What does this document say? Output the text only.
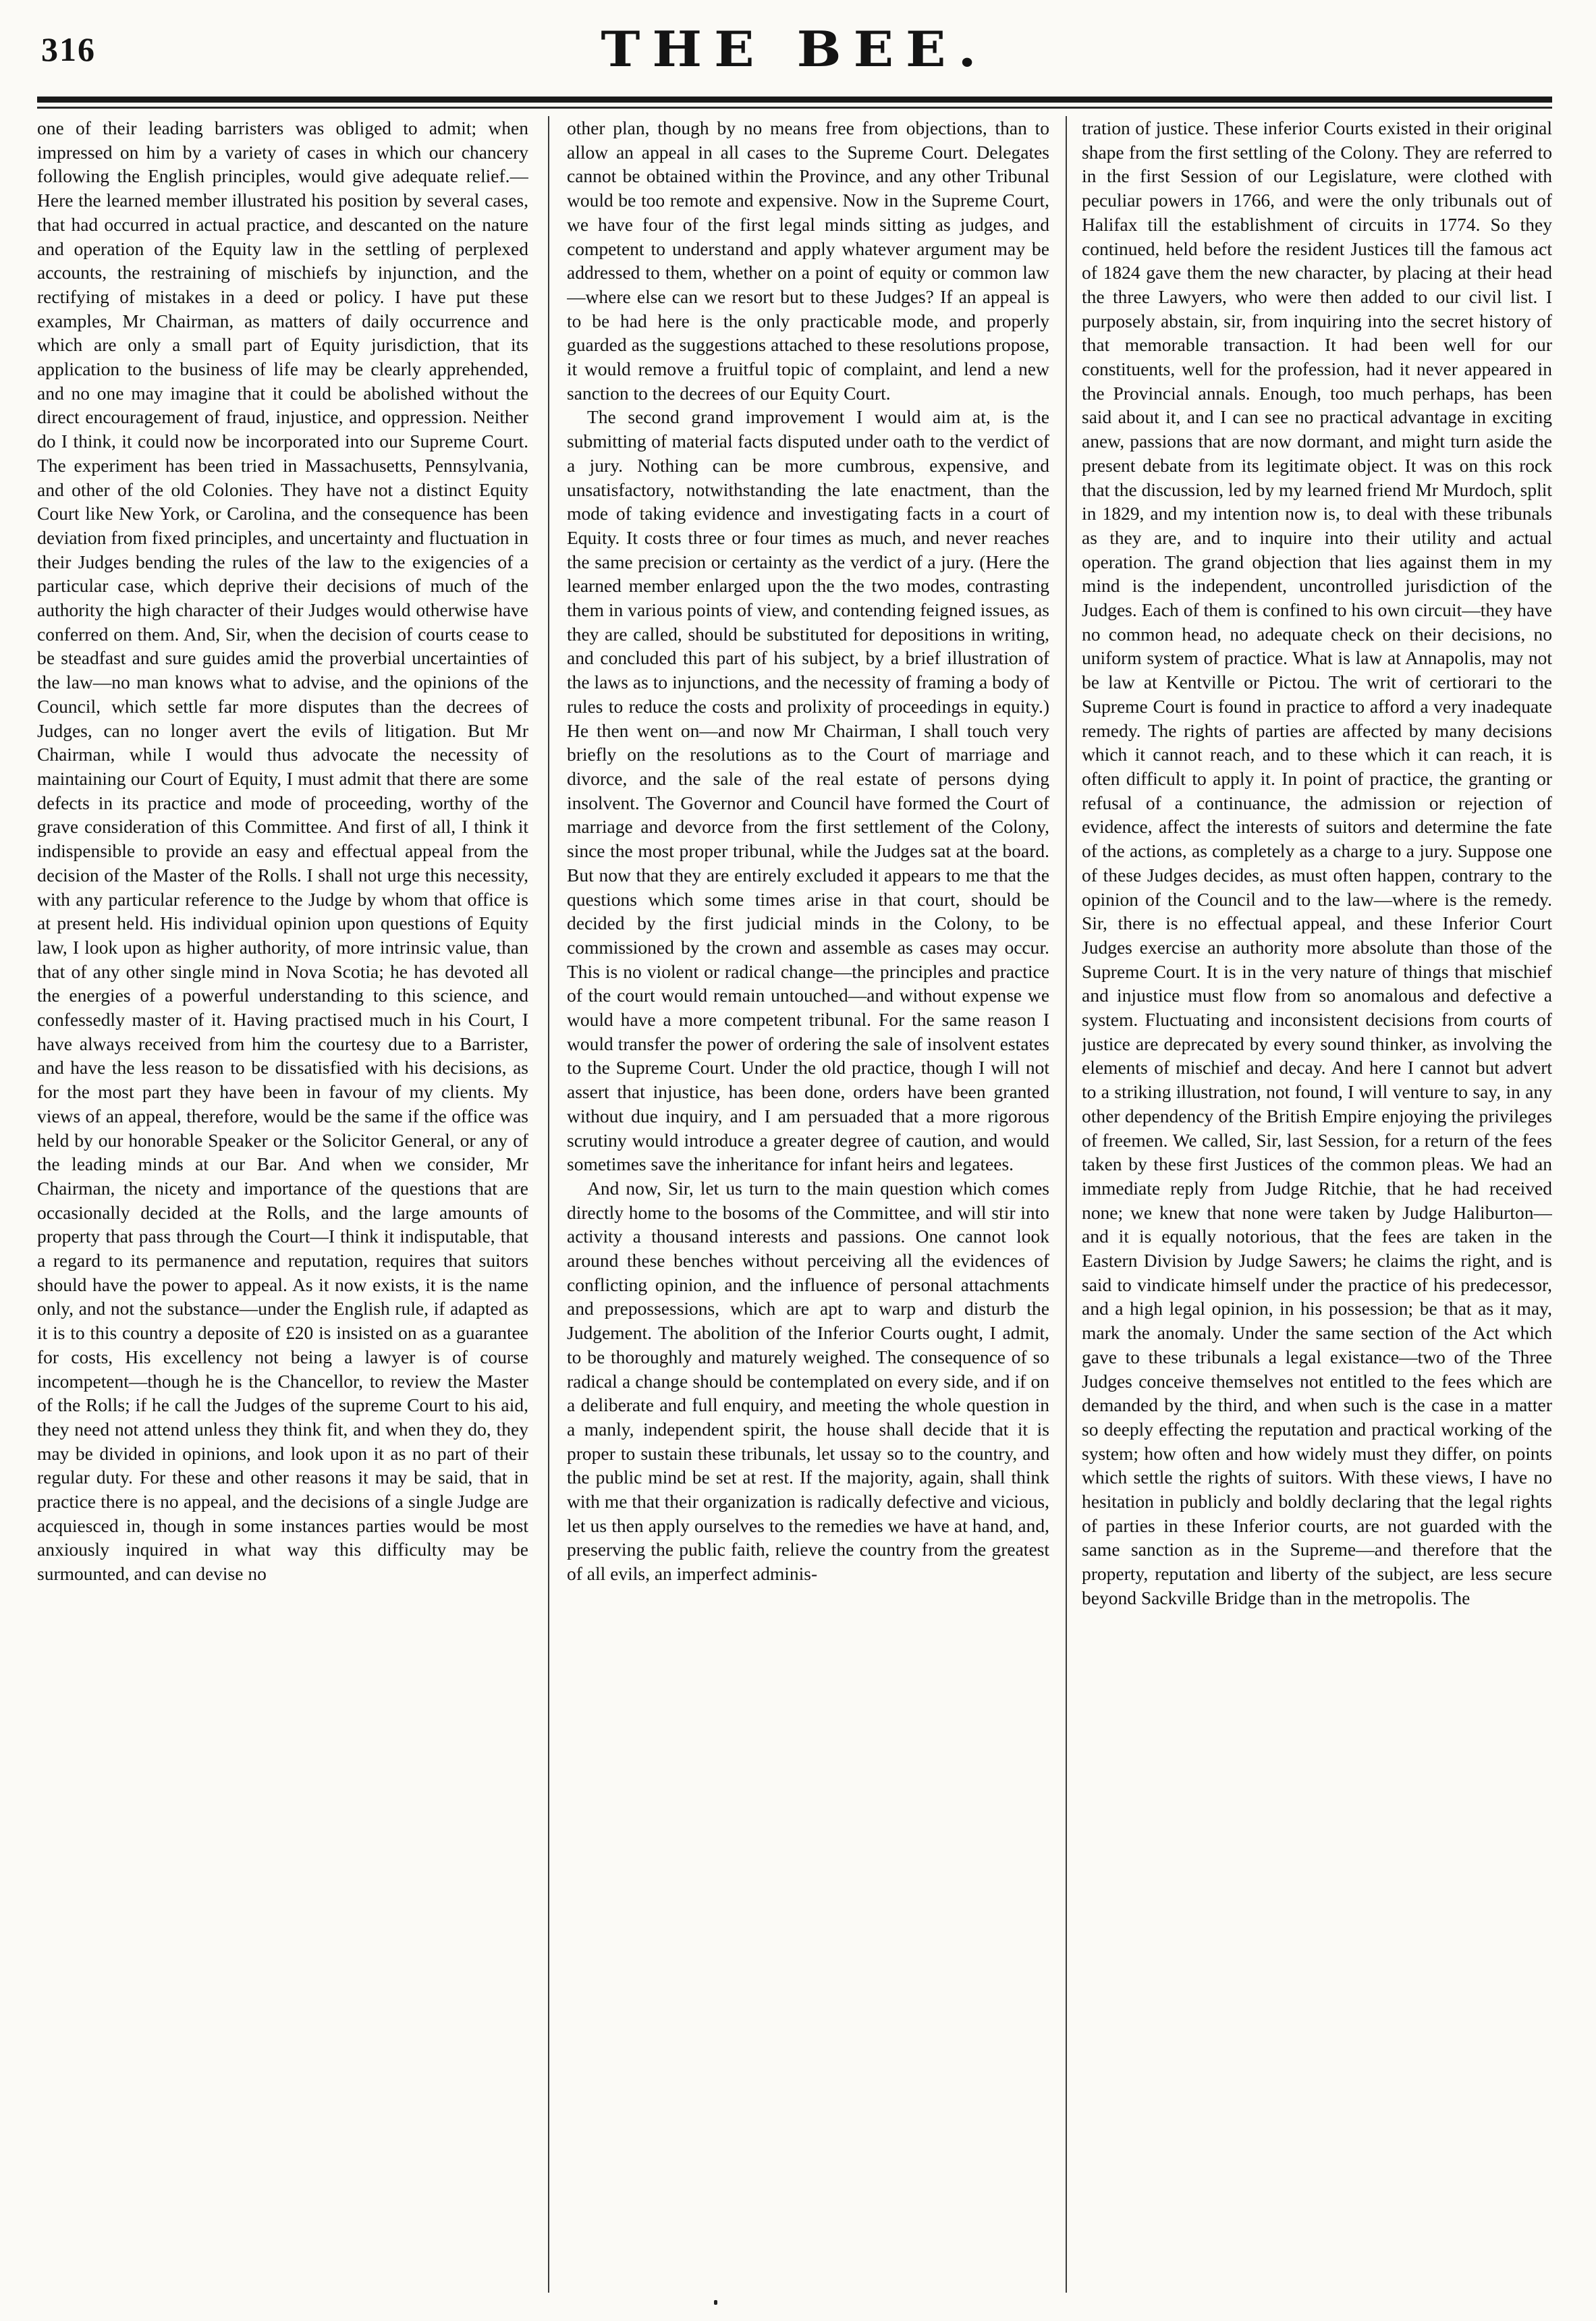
316	THE BEE.

one of their leading barristers was obliged to admit; when impressed on him by a variety of cases in which our chancery following the English principles, would give adequate relief.—Here the learned member illustrated his position by several cases, that had occurred in actual practice, and descanted on the nature and operation of the Equity law in the settling of perplexed accounts, the restraining of mischiefs by injunction, and the rectifying of mistakes in a deed or policy. I have put these examples, Mr Chairman, as matters of daily occurrence and which are only a small part of Equity jurisdiction, that its application to the business of life may be clearly apprehended, and no one may imagine that it could be abolished without the direct encouragement of fraud, injustice, and oppression. Neither do I think, it could now be incorporated into our Supreme Court. The experiment has been tried in Massachusetts, Pennsylvania, and other of the old Colonies. They have not a distinct Equity Court like New York, or Carolina, and the consequence has been deviation from fixed principles, and uncertainty and fluctuation in their Judges bending the rules of the law to the exigencies of a particular case, which deprive their decisions of much of the authority the high character of their Judges would otherwise have conferred on them. And, Sir, when the decision of courts cease to be steadfast and sure guides amid the proverbial uncertainties of the law—no man knows what to advise, and the opinions of the Council, which settle far more disputes than the decrees of Judges, can no longer avert the evils of litigation. But Mr Chairman, while I would thus advocate the necessity of maintaining our Court of Equity, I must admit that there are some defects in its practice and mode of proceeding, worthy of the grave consideration of this Committee. And first of all, I think it indispensible to provide an easy and effectual appeal from the decision of the Master of the Rolls. I shall not urge this necessity, with any particular reference to the Judge by whom that office is at present held. His individual opinion upon questions of Equity law, I look upon as higher authority, of more intrinsic value, than that of any other single mind in Nova Scotia; he has devoted all the energies of a powerful understanding to this science, and confessedly master of it. Having practised much in his Court, I have always received from him the courtesy due to a Barrister, and have the less reason to be dissatisfied with his decisions, as for the most part they have been in favour of my clients. My views of an appeal, therefore, would be the same if the office was held by our honorable Speaker or the Solicitor General, or any of the leading minds at our Bar. And when we consider, Mr Chairman, the nicety and importance of the questions that are occasionally decided at the Rolls, and the large amounts of property that pass through the Court—I think it indisputable, that a regard to its permanence and reputation, requires that suitors should have the power to appeal. As it now exists, it is the name only, and not the substance—under the English rule, if adapted as it is to this country a deposite of £20 is insisted on as a guarantee for costs, His excellency not being a lawyer is of course incompetent—though he is the Chancellor, to review the Master of the Rolls; if he call the Judges of the supreme Court to his aid, they need not attend unless they think fit, and when they do, they may be divided in opinions, and look upon it as no part of their regular duty. For these and other reasons it may be said, that in practice there is no appeal, and the decisions of a single Judge are acquiesced in, though in some instances parties would be most anxiously inquired in what way this difficulty may be surmounted, and can devise no

other plan, though by no means free from objections, than to allow an appeal in all cases to the Supreme Court. Delegates cannot be obtained within the Province, and any other Tribunal would be too remote and expensive. Now in the Supreme Court, we have four of the first legal minds sitting as judges, and competent to understand and apply whatever argument may be addressed to them, whether on a point of equity or common law—where else can we resort but to these Judges? If an appeal is to be had here is the only practicable mode, and properly guarded as the suggestions attached to these resolutions propose, it would remove a fruitful topic of complaint, and lend a new sanction to the decrees of our Equity Court.

The second grand improvement I would aim at, is the submitting of material facts disputed under oath to the verdict of a jury. Nothing can be more cumbrous, expensive, and unsatisfactory, notwithstanding the late enactment, than the mode of taking evidence and investigating facts in a court of Equity. It costs three or four times as much, and never reaches the same precision or certainty as the verdict of a jury. (Here the learned member enlarged upon the the two modes, contrasting them in various points of view, and contending feigned issues, as they are called, should be substituted for depositions in writing, and concluded this part of his subject, by a brief illustration of the laws as to injunctions, and the necessity of framing a body of rules to reduce the costs and prolixity of proceedings in equity.) He then went on—and now Mr Chairman, I shall touch very briefly on the resolutions as to the Court of marriage and divorce, and the sale of the real estate of persons dying insolvent. The Governor and Council have formed the Court of marriage and devorce from the first settlement of the Colony, since the most proper tribunal, while the Judges sat at the board. But now that they are entirely excluded it appears to me that the questions which some times arise in that court, should be decided by the first judicial minds in the Colony, to be commissioned by the crown and assemble as cases may occur. This is no violent or radical change—the principles and practice of the court would remain untouched—and without expense we would have a more competent tribunal. For the same reason I would transfer the power of ordering the sale of insolvent estates to the Supreme Court. Under the old practice, though I will not assert that injustice, has been done, orders have been granted without due inquiry, and I am persuaded that a more rigorous scrutiny would introduce a greater degree of caution, and would sometimes save the inheritance for infant heirs and legatees.

And now, Sir, let us turn to the main question which comes directly home to the bosoms of the Committee, and will stir into activity a thousand interests and passions. One cannot look around these benches without perceiving all the evidences of conflicting opinion, and the influence of personal attachments and prepossessions, which are apt to warp and disturb the Judgement. The abolition of the Inferior Courts ought, I admit, to be thoroughly and maturely weighed. The consequence of so radical a change should be contemplated on every side, and if on a deliberate and full enquiry, and meeting the whole question in a manly, independent spirit, the house shall decide that it is proper to sustain these tribunals, let ussay so to the country, and the public mind be set at rest. If the majority, again, shall think with me that their organization is radically defective and vicious, let us then apply ourselves to the remedies we have at hand, and, preserving the public faith, relieve the country from the greatest of all evils, an imperfect adminis-

tration of justice. These inferior Courts existed in their original shape from the first settling of the Colony. They are referred to in the first Session of our Legislature, were clothed with peculiar powers in 1766, and were the only tribunals out of Halifax till the establishment of circuits in 1774. So they continued, held before the resident Justices till the famous act of 1824 gave them the new character, by placing at their head the three Lawyers, who were then added to our civil list. I purposely abstain, sir, from inquiring into the secret history of that memorable transaction. It had been well for our constituents, well for the profession, had it never appeared in the Provincial annals. Enough, too much perhaps, has been said about it, and I can see no practical advantage in exciting anew, passions that are now dormant, and might turn aside the present debate from its legitimate object. It was on this rock that the discussion, led by my learned friend Mr Murdoch, split in 1829, and my intention now is, to deal with these tribunals as they are, and to inquire into their utility and actual operation. The grand objection that lies against them in my mind is the independent, uncontrolled jurisdiction of the Judges. Each of them is confined to his own circuit—they have no common head, no adequate check on their decisions, no uniform system of practice. What is law at Annapolis, may not be law at Kentville or Pictou. The writ of certiorari to the Supreme Court is found in practice to afford a very inadequate remedy. The rights of parties are affected by many decisions which it cannot reach, and to these which it can reach, it is often difficult to apply it. In point of practice, the granting or refusal of a continuance, the admission or rejection of evidence, affect the interests of suitors and determine the fate of the actions, as completely as a charge to a jury. Suppose one of these Judges decides, as must often happen, contrary to the opinion of the Council and to the law—where is the remedy. Sir, there is no effectual appeal, and these Inferior Court Judges exercise an authority more absolute than those of the Supreme Court. It is in the very nature of things that mischief and injustice must flow from so anomalous and defective a system. Fluctuating and inconsistent decisions from courts of justice are deprecated by every sound thinker, as involving the elements of mischief and decay. And here I cannot but advert to a striking illustration, not found, I will venture to say, in any other dependency of the British Empire enjoying the privileges of freemen. We called, Sir, last Session, for a return of the fees taken by these first Justices of the common pleas. We had an immediate reply from Judge Ritchie, that he had received none; we knew that none were taken by Judge Haliburton—and it is equally notorious, that the fees are taken in the Eastern Division by Judge Sawers; he claims the right, and is said to vindicate himself under the practice of his predecessor, and a high legal opinion, in his possession; be that as it may, mark the anomaly. Under the same section of the Act which gave to these tribunals a legal existance—two of the Three Judges conceive themselves not entitled to the fees which are demanded by the third, and when such is the case in a matter so deeply effecting the reputation and practical working of the system; how often and how widely must they differ, on points which settle the rights of suitors. With these views, I have no hesitation in publicly and boldly declaring that the legal rights of parties in these Inferior courts, are not guarded with the same sanction as in the Supreme—and therefore that the property, reputation and liberty of the subject, are less secure beyond Sackville Bridge than in the metropolis. The
